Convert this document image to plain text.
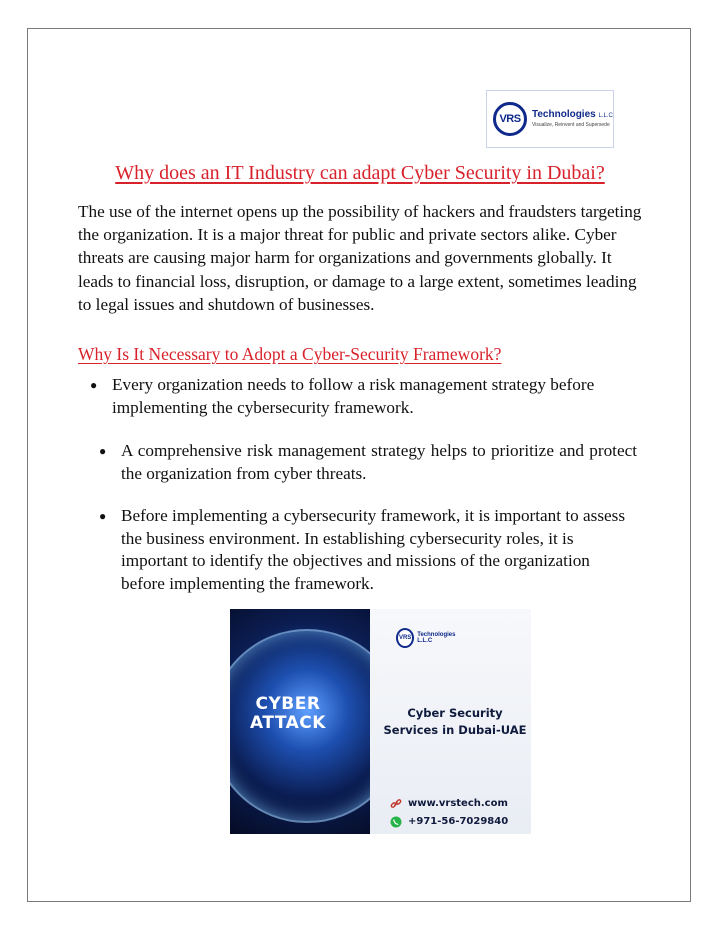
VRS Technologies L.L.C
Visualize, Reinvent and Supersede
Why does an IT Industry can adapt Cyber Security in Dubai?

The use of the internet opens up the possibility of hackers and fraudsters targeting the organization. It is a major threat for public and private sectors alike. Cyber threats are causing major harm for organizations and governments globally. It leads to financial loss, disruption, or damage to a large extent, sometimes leading to legal issues and shutdown of businesses.

Why Is It Necessary to Adopt a Cyber-Security Framework?

● Every organization needs to follow a risk management strategy before implementing the cybersecurity framework.

● A comprehensive risk management strategy helps to prioritize and protect the organization from cyber threats.

● Before implementing a cybersecurity framework, it is important to assess the business environment. In establishing cybersecurity roles, it is important to identify the objectives and missions of the organization before implementing the framework.

CYBER
ATTACK
VRS Technologies L.L.C
Cyber Security
Services in Dubai-UAE
www.vrstech.com
+971-56-7029840
